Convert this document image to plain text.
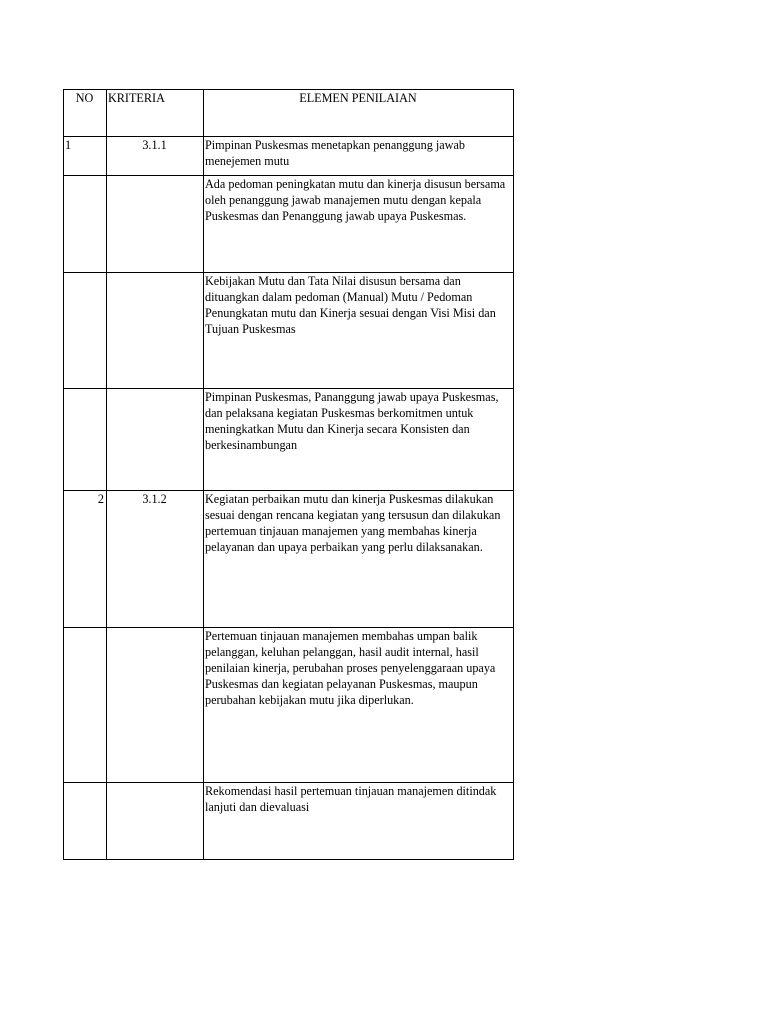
NO	KRITERIA	ELEMEN PENILAIAN
1	3.1.1	Pimpinan Puskesmas menetapkan penanggung jawab menejemen mutu
		Ada pedoman peningkatan mutu dan kinerja disusun bersama oleh penanggung jawab manajemen mutu dengan kepala Puskesmas dan Penanggung jawab upaya Puskesmas.
		Kebijakan Mutu dan Tata Nilai disusun bersama dan dituangkan dalam pedoman (Manual) Mutu / Pedoman Penungkatan mutu dan Kinerja sesuai dengan Visi Misi dan Tujuan Puskesmas
		Pimpinan Puskesmas, Pananggung jawab upaya Puskesmas, dan pelaksana kegiatan Puskesmas berkomitmen untuk meningkatkan Mutu dan Kinerja secara Konsisten dan berkesinambungan
2	3.1.2	Kegiatan perbaikan mutu dan kinerja Puskesmas dilakukan sesuai dengan rencana kegiatan yang tersusun dan dilakukan pertemuan tinjauan manajemen yang membahas kinerja pelayanan dan upaya perbaikan yang perlu dilaksanakan.
		Pertemuan tinjauan manajemen membahas umpan balik pelanggan, keluhan pelanggan, hasil audit internal, hasil penilaian kinerja, perubahan proses penyelenggaraan upaya Puskesmas dan kegiatan pelayanan Puskesmas, maupun perubahan kebijakan mutu jika diperlukan.
		Rekomendasi hasil pertemuan tinjauan manajemen ditindak lanjuti dan dievaluasi
